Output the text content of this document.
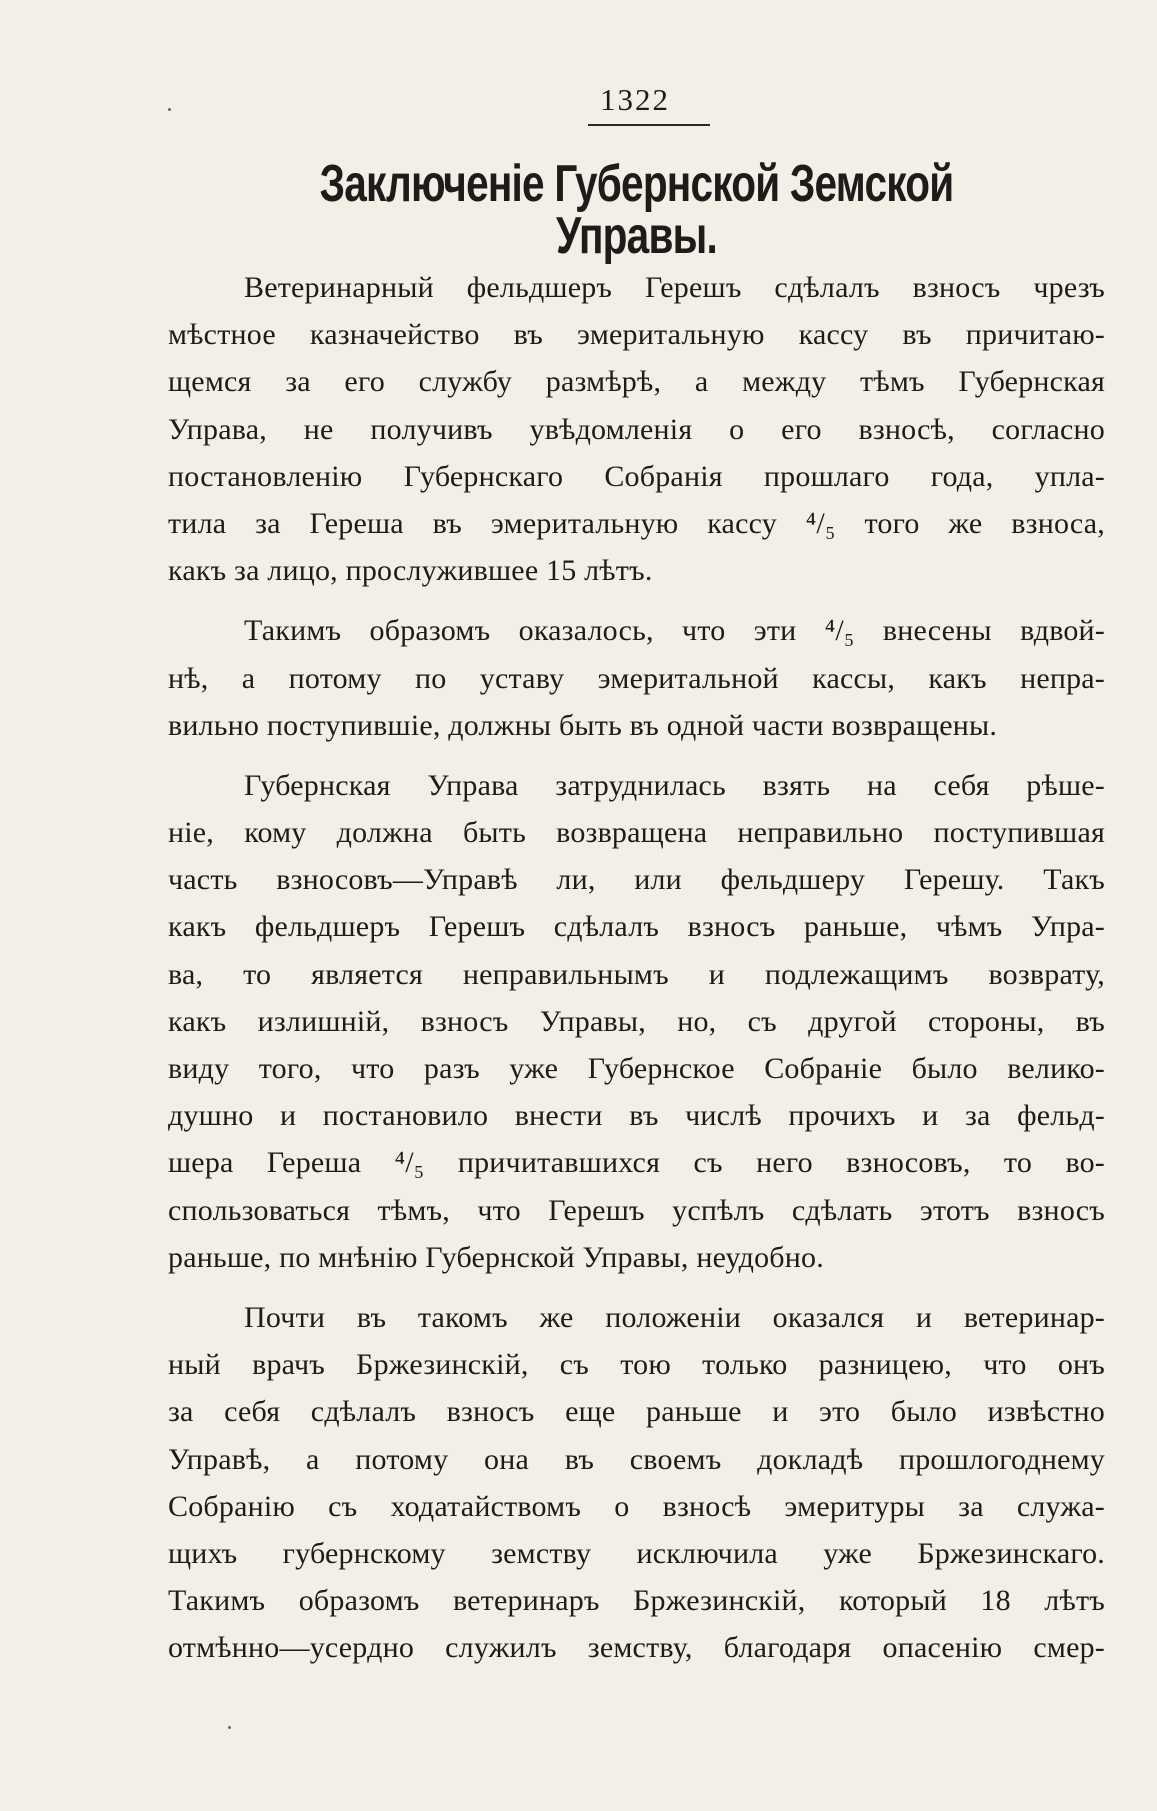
1322
Заключеніе Губернской Земской Управы.
Ветеринарный фельдшеръ Герешъ сдѣлалъ взносъ чрезъ
мѣстное казначейство въ эмеритальную кассу въ причитаю-
щемся за его службу размѣрѣ, а между тѣмъ Губернская
Управа, не получивъ увѣдомленія о его взносѣ, согласно
постановленію Губернскаго Собранія прошлаго года, упла-
тила за Гереша въ эмеритальную кассу ⁴/₅ того же взноса,
какъ за лицо, прослужившее 15 лѣтъ.
Такимъ образомъ оказалось, что эти ⁴/₅ внесены вдвой-
нѣ, а потому по уставу эмеритальной кассы, какъ непра-
вильно поступившіе, должны быть въ одной части возвращены.
Губернская Управа затруднилась взять на себя рѣше-
ніе, кому должна быть возвращена неправильно поступившая
часть взносовъ—Управѣ ли, или фельдшеру Герешу. Такъ
какъ фельдшеръ Герешъ сдѣлалъ взносъ раньше, чѣмъ Упра-
ва, то является неправильнымъ и подлежащимъ возврату,
какъ излишній, взносъ Управы, но, съ другой стороны, въ
виду того, что разъ уже Губернское Собраніе было велико-
душно и постановило внести въ числѣ прочихъ и за фельд-
шера Гереша ⁴/₅ причитавшихся съ него взносовъ, то во-
спользоваться тѣмъ, что Герешъ успѣлъ сдѣлать этотъ взносъ
раньше, по мнѣнію Губернской Управы, неудобно.
Почти въ такомъ же положеніи оказался и ветеринар-
ный врачъ Бржезинскій, съ тою только разницею, что онъ
за себя сдѣлалъ взносъ еще раньше и это было извѣстно
Управѣ, а потому она въ своемъ докладѣ прошлогоднему
Собранію съ ходатайствомъ о взносѣ эмеритуры за служа-
щихъ губернскому земству исключила уже Бржезинскаго.
Такимъ образомъ ветеринаръ Бржезинскій, который 18 лѣтъ
отмѣнно—усердно служилъ земству, благодаря опасенію смер-
